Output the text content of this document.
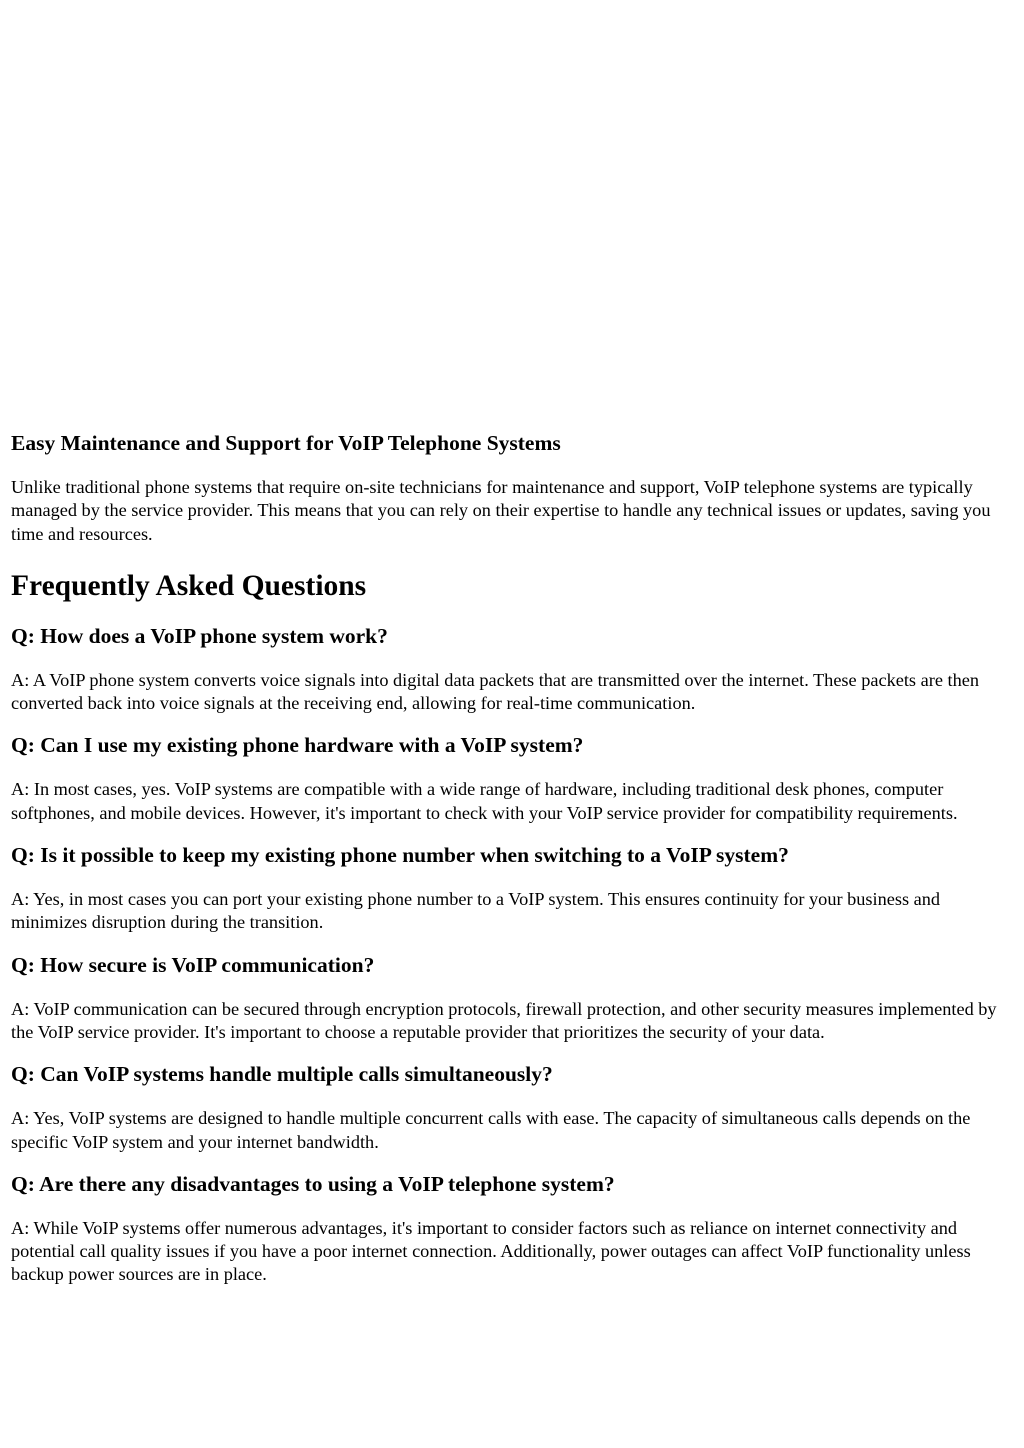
Easy Maintenance and Support for VoIP Telephone Systems

Unlike traditional phone systems that require on-site technicians for maintenance and support, VoIP telephone systems are typically managed by the service provider. This means that you can rely on their expertise to handle any technical issues or updates, saving you time and resources.

Frequently Asked Questions
Q: How does a VoIP phone system work?

A: A VoIP phone system converts voice signals into digital data packets that are transmitted over the internet. These packets are then converted back into voice signals at the receiving end, allowing for real-time communication.

Q: Can I use my existing phone hardware with a VoIP system?

A: In most cases, yes. VoIP systems are compatible with a wide range of hardware, including traditional desk phones, computer softphones, and mobile devices. However, it's important to check with your VoIP service provider for compatibility requirements.

Q: Is it possible to keep my existing phone number when switching to a VoIP system?

A: Yes, in most cases you can port your existing phone number to a VoIP system. This ensures continuity for your business and minimizes disruption during the transition.

Q: How secure is VoIP communication?

A: VoIP communication can be secured through encryption protocols, firewall protection, and other security measures implemented by the VoIP service provider. It's important to choose a reputable provider that prioritizes the security of your data.

Q: Can VoIP systems handle multiple calls simultaneously?

A: Yes, VoIP systems are designed to handle multiple concurrent calls with ease. The capacity of simultaneous calls depends on the specific VoIP system and your internet bandwidth.

Q: Are there any disadvantages to using a VoIP telephone system?

A: While VoIP systems offer numerous advantages, it's important to consider factors such as reliance on internet connectivity and potential call quality issues if you have a poor internet connection. Additionally, power outages can affect VoIP functionality unless backup power sources are in place.
